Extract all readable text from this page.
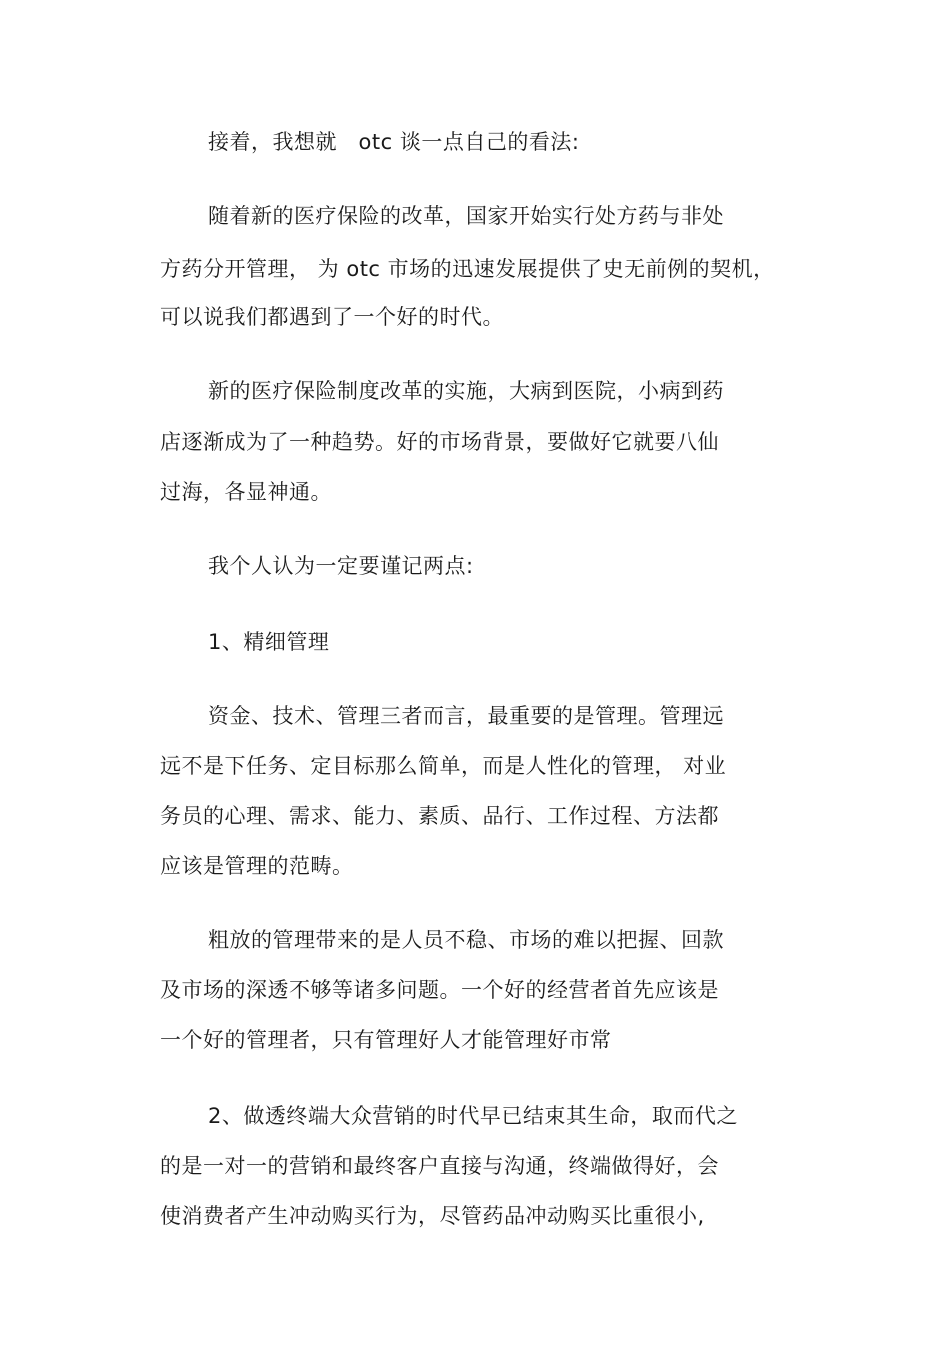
接着，我想就   otc 谈一点自己的看法:
随着新的医疗保险的改革，国家开始实行处方药与非处
方药分开管理， 为 otc 市场的迅速发展提供了史无前例的契机，
可以说我们都遇到了一个好的时代。
新的医疗保险制度改革的实施，大病到医院，小病到药
店逐渐成为了一种趋势。好的市场背景，要做好它就要八仙
过海，各显神通。
我个人认为一定要谨记两点:
1、精细管理
资金、技术、管理三者而言，最重要的是管理。管理远
远不是下任务、定目标那么简单，而是人性化的管理， 对业
务员的心理、需求、能力、素质、品行、工作过程、方法都
应该是管理的范畴。
粗放的管理带来的是人员不稳、市场的难以把握、回款
及市场的深透不够等诸多问题。一个好的经营者首先应该是
一个好的管理者，只有管理好人才能管理好市常
2、做透终端大众营销的时代早已结束其生命，取而代之
的是一对一的营销和最终客户直接与沟通，终端做得好，会
使消费者产生冲动购买行为，尽管药品冲动购买比重很小,
